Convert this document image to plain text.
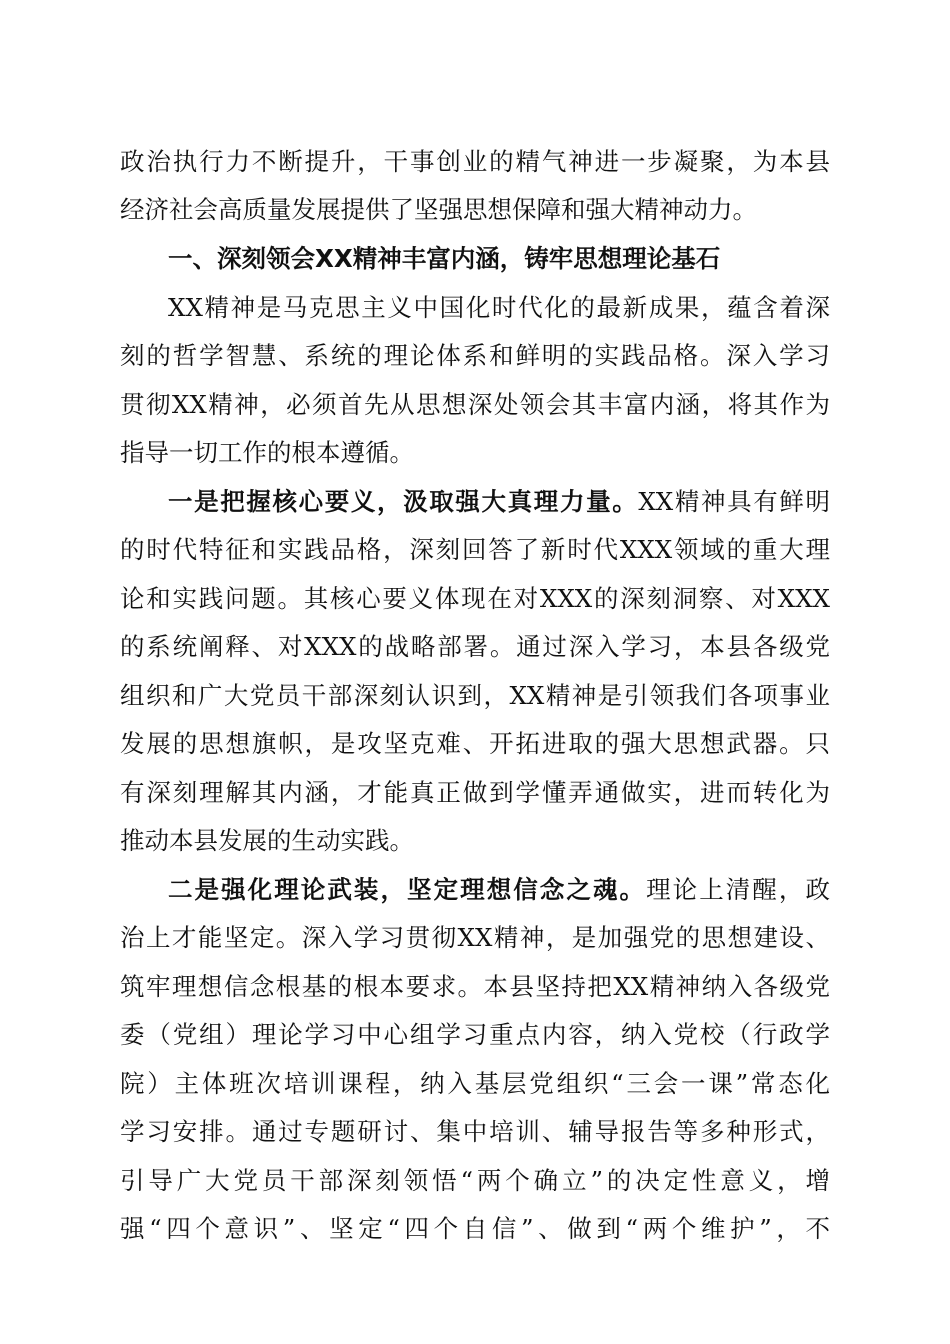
政治执行力不断提升，干事创业的精气神进一步凝聚，为本县
经济社会高质量发展提供了坚强思想保障和强大精神动力。
一、深刻领会XX精神丰富内涵，铸牢思想理论基石
XX精神是马克思主义中国化时代化的最新成果，蕴含着深
刻的哲学智慧、系统的理论体系和鲜明的实践品格。深入学习
贯彻XX精神，必须首先从思想深处领会其丰富内涵，将其作为
指导一切工作的根本遵循。
一是把握核心要义，汲取强大真理力量。XX精神具有鲜明
的时代特征和实践品格，深刻回答了新时代XXX领域的重大理
论和实践问题。其核心要义体现在对XXX的深刻洞察、对XXX
的系统阐释、对XXX的战略部署。通过深入学习，本县各级党
组织和广大党员干部深刻认识到，XX精神是引领我们各项事业
发展的思想旗帜，是攻坚克难、开拓进取的强大思想武器。只
有深刻理解其内涵，才能真正做到学懂弄通做实，进而转化为
推动本县发展的生动实践。
二是强化理论武装，坚定理想信念之魂。理论上清醒，政
治上才能坚定。深入学习贯彻XX精神，是加强党的思想建设、
筑牢理想信念根基的根本要求。本县坚持把XX精神纳入各级党
委（党组）理论学习中心组学习重点内容，纳入党校（行政学
院）主体班次培训课程，纳入基层党组织“三会一课”常态化
学习安排。通过专题研讨、集中培训、辅导报告等多种形式，
引导广大党员干部深刻领悟“两个确立”的决定性意义，增
强“四个意识”、坚定“四个自信”、做到“两个维护”，不
